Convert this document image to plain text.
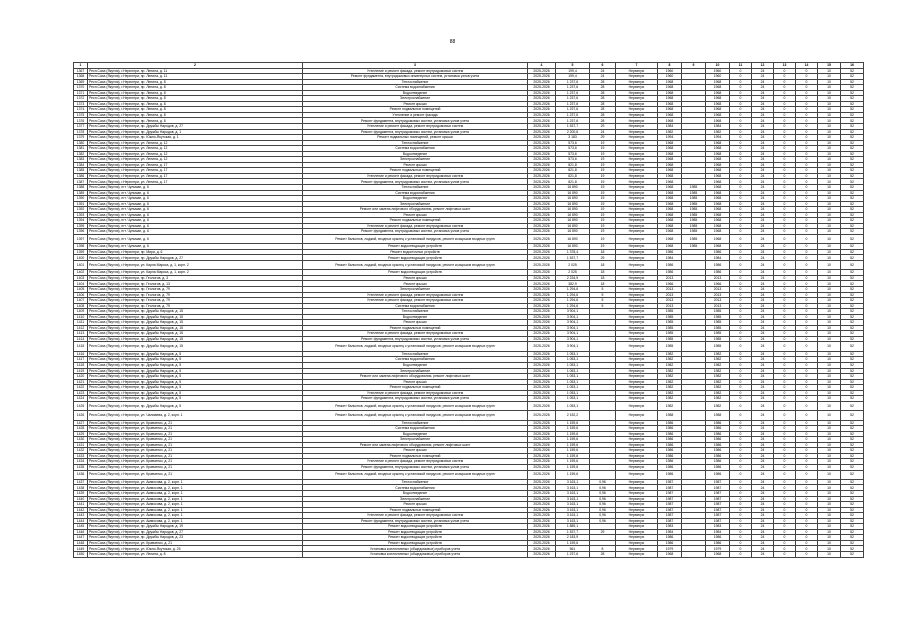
88
1	2	3	4	5	6	7	8	9	10	11	12	13	14	15	16
1367	Респ.Саха (Якутия), г.Нерюнгри, пр. Ленина, д. 11	Утепление и ремонт фасада, ремонт внутридомовых систем	2025-2026	199,4	24	Нерюнгри	1960		1960	0	24	0	0	10	52
1368	Респ.Саха (Якутия), г.Нерюнгри, пр. Ленина, д. 11	Ремонт фундамента, внутридомовых инженерных систем, установка узлов учета	2025-2026	199,4	24	Нерюнгри	1960		1960	0	24	0	0	10	52
1369	Респ.Саха (Якутия), г.Нерюнгри, пр. Ленина, д. 8	Теплоснабжение	2025-2026	1 237,6	28	Нерюнгри	1968		1968	0	24	0	0	10	52
1370	Респ.Саха (Якутия), г.Нерюнгри, пр. Ленина, д. 8	Система водоснабжения	2025-2026	1 237,6	28	Нерюнгри	1968		1968	0	24	0	0	10	52
1371	Респ.Саха (Якутия), г.Нерюнгри, пр. Ленина, д. 8	Водоотведение	2025-2026	1 237,6	28	Нерюнгри	1968		1968	0	24	0	0	10	52
1372	Респ.Саха (Якутия), г.Нерюнгри, пр. Ленина, д. 8	Электроснабжение	2025-2026	1 237,6	28	Нерюнгри	1968		1968	0	24	0	0	10	52
1373	Респ.Саха (Якутия), г.Нерюнгри, пр. Ленина, д. 8	Ремонт крыши	2025-2026	1 237,6	28	Нерюнгри	1968		1968	0	24	0	0	10	52
1374	Респ.Саха (Якутия), г.Нерюнгри, пр. Ленина, д. 8	Ремонт подвальных помещений	2025-2026	1 237,6	28	Нерюнгри	1968		1968	0	24	0	0	10	52
1375	Респ.Саха (Якутия), г.Нерюнгри, пр. Ленина, д. 8	Утепление и ремонт фасада	2025-2026	1 237,6	28	Нерюнгри	1968		1968	0	24	0	0	10	52
1376	Респ.Саха (Якутия), г.Нерюнгри, пр. Ленина, д. 8	Ремонт фундамента, внутридомовых систем, установка узлов учета	2025-2026	1 237,6	28	Нерюнгри	1968		1968	0	24	0	0	10	52
1377	Респ.Саха (Якутия), г.Нерюнгри, пр. Дружбы Народов, д. 27	Утепление и ремонт фасада, ремонт внутридомовых систем	2025-2026	1 537,7	29	Нерюнгри	1984		1984	0	24	0	0	10	52
1378	Респ.Саха (Якутия), г.Нерюнгри, пр. Дружбы Народов, д. 1	Ремонт фундамента, внутридомовых систем, установка узлов учета	2025-2026	2 200,6	24	Нерюнгри	1982		1982	0	24	0	0	10	52
1379	Респ.Саха (Якутия), г.Нерюнгри, пр. Южно-Якутская, д. 1	Ремонт подвальных помещений, ремонт крыши	2025-2026	3 183	29	Нерюнгри	1994		1994	0	24	0	0	10	52
1380	Респ.Саха (Якутия), г.Нерюнгри, ул. Ленина, д. 12	Теплоснабжение	2025-2026	573,6	19	Нерюнгри	1968		1968	0	24	0	0	10	52
1381	Респ.Саха (Якутия), г.Нерюнгри, ул. Ленина, д. 12	Система водоснабжения	2025-2026	573,6	19	Нерюнгри	1968		1968	0	24	0	0	10	52
1382	Респ.Саха (Якутия), г.Нерюнгри, ул. Ленина, д. 12	Водоотведение	2025-2026	573,6	19	Нерюнгри	1968		1968	0	24	0	0	10	52
1383	Респ.Саха (Якутия), г.Нерюнгри, ул. Ленина, д. 12	Электроснабжение	2025-2026	573,6	19	Нерюнгри	1968		1968	0	24	0	0	10	52
1384	Респ.Саха (Якутия), г.Нерюнгри, ул. Ленина, д. 17	Ремонт крыши	2025-2026	821,8	19	Нерюнгри	1968		1968	0	24	0	0	10	52
1385	Респ.Саха (Якутия), г.Нерюнгри, ул. Ленина, д. 17	Ремонт подвальных помещений	2025-2026	821,8	19	Нерюнгри	1968		1968	0	24	0	0	10	52
1386	Респ.Саха (Якутия), г.Нерюнгри, ул. Ленина, д. 17	Утепление и ремонт фасада, ремонт внутридомовых систем	2025-2026	821,8	19	Нерюнгри	1968		1968	0	24	0	0	10	52
1387	Респ.Саха (Якутия), г.Нерюнгри, ул. Ленина, д. 17	Ремонт фундамента, внутридомовых систем, установка узлов учета	2025-2026	821,8	19	Нерюнгри	1968		1968	0	24	0	0	10	52
1388	Респ.Саха (Якутия), пгт. Чульман, д. 6	Теплоснабжение	2025-2026	16 890	19	Нерюнгри	1968	1985	1968	0	24	0	0	10	52
1389	Респ.Саха (Якутия), пгт. Чульман, д. 6	Система водоснабжения	2025-2026	16 890	19	Нерюнгри	1968	1985	1968	0	24	0	0	10	52
1390	Респ.Саха (Якутия), пгт. Чульман, д. 6	Водоотведение	2025-2026	16 890	19	Нерюнгри	1968	1985	1968	0	24	0	0	10	52
1391	Респ.Саха (Якутия), пгт. Чульман, д. 6	Электроснабжение	2025-2026	16 890	19	Нерюнгри	1968	1985	1968	0	24	0	0	10	52
1392	Респ.Саха (Якутия), пгт. Чульман, д. 6	Ремонт или замена лифтового оборудования, ремонт лифтовых шахт	2025-2026	16 890	19	Нерюнгри	1968	1985	1968	0	24	0	0	10	52
1393	Респ.Саха (Якутия), пгт. Чульман, д. 6	Ремонт крыши	2025-2026	16 890	19	Нерюнгри	1968	1985	1968	0	24	0	0	10	52
1394	Респ.Саха (Якутия), пгт. Чульман, д. 6	Ремонт подвальных помещений	2025-2026	16 890	19	Нерюнгри	1968	1985	1968	0	24	0	0	10	52
1395	Респ.Саха (Якутия), пгт. Чульман, д. 6	Утепление и ремонт фасада, ремонт внутридомовых систем	2025-2026	16 890	19	Нерюнгри	1968	1985	1968	0	24	0	0	10	52
1396	Респ.Саха (Якутия), пгт. Чульман, д. 6	Ремонт фундамента, внутридомовых систем, установка узлов учета	2025-2026	16 890	19	Нерюнгри	1968	1985	1968	0	24	0	0	10	52
1397	Респ.Саха (Якутия), пгт. Чульман, д. 6	Ремонт балконов, лоджий, входных крылец с установкой пандусов, ремонт козырьков входных групп	2025-2026	16 890	19	Нерюнгри	1968	1985	1968	0	24	0	0	10	52
1398	Респ.Саха (Якутия), пгт. Чульман, д. 6	Ремонт водоотводящих устройств	2025-2026	16 890	19	Нерюнгри	1968	1985	1968	0	24	0	0	10	52
1399	Респ.Саха (Якутия), г.Нерюнгри, пр. Мира, д. 6	Ремонт водосточных устройств	2025-2026	1 378,4	18	Нерюнгри	1986		1986	0	24	0	0	10	52
1400	Респ.Саха (Якутия), г.Нерюнгри, пр. Дружбы Народов, д. 27	Ремонт водоотводящих устройств	2025-2026	1 537,7	29	Нерюнгри	1984		1984	0	24	0	0	10	52
1401	Респ.Саха (Якутия), г.Нерюнгри, ул. Карла Маркса, д. 1, корп. 2	Ремонт балконов, лоджий, входных крылец с установкой пандусов, ремонт козырьков входных групп	2025-2026	2 025	18	Нерюнгри	1986		1986	0	24	0	0	10	52
1402	Респ.Саха (Якутия), г.Нерюнгри, ул. Карла Маркса, д. 1, корп. 2	Ремонт водоотводящих устройств	2025-2026	2 025	18	Нерюнгри	1986		1986	0	24	0	0	10	52
1403	Респ.Саха (Якутия), г.Нерюнгри, пр. Геологов, д. 3	Ремонт крыши	2025-2026	2 234,9	18	Нерюнгри	2013		2013	0	24	0	0	10	52
1404	Респ.Саха (Якутия), г.Нерюнгри, пр. Геологов, д. 13	Ремонт крыши	2025-2026	382,9	18	Нерюнгри	1966		1966	0	24	0	0	10	52
1405	Респ.Саха (Якутия), г.Нерюнгри, пр. Геологов, д. 79	Электроснабжение	2025-2026	1 294,6	5	Нерюнгри	2013		2013	0	24	0	0	10	52
1406	Респ.Саха (Якутия), г.Нерюнгри, пр. Геологов, д. 79	Утепление и ремонт фасада, ремонт внутридомовых систем	2025-2026	1 294,6	5	Нерюнгри	2013		2013	0	24	0	0	10	52
1407	Респ.Саха (Якутия), г.Нерюнгри, пр. Геологов, д. 79	Утепление и ремонт фасада, ремонт внутридомовых систем	2025-2026	1 294,6	5	Нерюнгри	2013		2013	0	24	0	0	10	52
1408	Респ.Саха (Якутия), г.Нерюнгри, пр. Геологов, д. 79	Система водоснабжения	2025-2026	1 294,6	5	Нерюнгри	2013		2013	0	24	0	0	10	52
1409	Респ.Саха (Якутия), г.Нерюнгри, пр. Дружбы Народов, д. 15	Теплоснабжение	2025-2026	3 904,1		Нерюнгри	1985		1985	0	24	0	0	10	52
1410	Респ.Саха (Якутия), г.Нерюнгри, пр. Дружбы Народов, д. 15	Водоотведение	2025-2026	3 904,1		Нерюнгри	1985		1985	0	24	0	0	10	52
1411	Респ.Саха (Якутия), г.Нерюнгри, пр. Дружбы Народов, д. 15	Ремонт крыши	2025-2026	3 904,1		Нерюнгри	1985		1985	0	24	0	0	10	52
1412	Респ.Саха (Якутия), г.Нерюнгри, пр. Дружбы Народов, д. 15	Ремонт подвальных помещений	2025-2026	3 904,1		Нерюнгри	1985		1985	0	24	0	0	10	52
1413	Респ.Саха (Якутия), г.Нерюнгри, пр. Дружбы Народов, д. 15	Утепление и ремонт фасада, ремонт внутридомовых систем	2025-2026	3 904,1		Нерюнгри	1985		1985	0	24	0	0	10	52
1414	Респ.Саха (Якутия), г.Нерюнгри, пр. Дружбы Народов, д. 15	Ремонт фундамента, внутридомовых систем, установка узлов учета	2025-2026	3 904,1		Нерюнгри	1985		1985	0	24	0	0	10	52
1415	Респ.Саха (Якутия), г.Нерюнгри, пр. Дружбы Народов, д. 15	Ремонт балконов, лоджий, входных крылец с установкой пандусов, ремонт козырьков входных групп	2025-2026	3 904,1		Нерюнгри	1985		1985	0	24	0	0	10	52
1416	Респ.Саха (Якутия), г.Нерюнгри, пр. Дружбы Народов, д. 5	Теплоснабжение	2025-2026	1 053,1		Нерюнгри	1982		1982	0	24	0	0	10	52
1417	Респ.Саха (Якутия), г.Нерюнгри, пр. Дружбы Народов, д. 5	Система водоснабжения	2025-2026	1 053,1		Нерюнгри	1982		1982	0	24	0	0	10	52
1418	Респ.Саха (Якутия), г.Нерюнгри, пр. Дружбы Народов, д. 5	Водоотведение	2025-2026	1 053,1		Нерюнгри	1982		1982	0	24	0	0	10	52
1419	Респ.Саха (Якутия), г.Нерюнгри, пр. Дружбы Народов, д. 5	Электроснабжение	2025-2026	1 053,1		Нерюнгри	1982		1982	0	24	0	0	10	52
1420	Респ.Саха (Якутия), г.Нерюнгри, пр. Дружбы Народов, д. 5	Ремонт или замена лифтового оборудования, ремонт лифтовых шахт	2025-2026	1 053,1		Нерюнгри	1982		1982	0	24	0	0	10	52
1421	Респ.Саха (Якутия), г.Нерюнгри, пр. Дружбы Народов, д. 5	Ремонт крыши	2025-2026	1 053,1		Нерюнгри	1982		1982	0	24	0	0	10	52
1422	Респ.Саха (Якутия), г.Нерюнгри, пр. Дружбы Народов, д. 5	Ремонт подвальных помещений	2025-2026	1 053,1		Нерюнгри	1982		1982	0	24	0	0	10	52
1423	Респ.Саха (Якутия), г.Нерюнгри, пр. Дружбы Народов, д. 5	Утепление и ремонт фасада, ремонт внутридомовых систем	2025-2026	1 053,1		Нерюнгри	1982		1982	0	24	0	0	10	52
1424	Респ.Саха (Якутия), г.Нерюнгри, пр. Дружбы Народов, д. 5	Ремонт фундамента, внутридомовых систем, установка узлов учета	2025-2026	1 053,1		Нерюнгри	1982		1982	0	24	0	0	10	52
1425	Респ.Саха (Якутия), г.Нерюнгри, пр. Дружбы Народов, д. 5	Ремонт балконов, лоджий, входных крылец с установкой пандусов, ремонт козырьков входных групп	2025-2026	1 053,1		Нерюнгри	1982		1982	0	24	0	0	10	52
1426	Респ.Саха (Якутия), г.Нерюнгри, ул. Чалмаева, д. 2, корп. 1	Ремонт балконов, лоджий, входных крылец с установкой пандусов, ремонт козырьков входных групп	2025-2026	2 152,2		Нерюнгри	1988		1988	0	24	0	0	10	52
1427	Респ.Саха (Якутия), г.Нерюнгри, ул. Кравченко, д. 21	Теплоснабжение	2025-2026	1 159,6		Нерюнгри	1986		1986	0	24	0	0	10	52
1428	Респ.Саха (Якутия), г.Нерюнгри, ул. Кравченко, д. 21	Система водоснабжения	2025-2026	1 159,6		Нерюнгри	1986		1986	0	24	0	0	10	52
1429	Респ.Саха (Якутия), г.Нерюнгри, ул. Кравченко, д. 21	Водоотведение	2025-2026	1 159,6		Нерюнгри	1986		1986	0	24	0	0	10	52
1430	Респ.Саха (Якутия), г.Нерюнгри, ул. Кравченко, д. 21	Электроснабжение	2025-2026	1 159,6		Нерюнгри	1986		1986	0	24	0	0	10	52
1431	Респ.Саха (Якутия), г.Нерюнгри, ул. Кравченко, д. 21	Ремонт или замена лифтового оборудования, ремонт лифтовых шахт	2025-2026	1 159,6		Нерюнгри	1986		1986	0	24	0	0	10	52
1432	Респ.Саха (Якутия), г.Нерюнгри, ул. Кравченко, д. 21	Ремонт крыши	2025-2026	1 159,6		Нерюнгри	1986		1986	0	24	0	0	10	52
1433	Респ.Саха (Якутия), г.Нерюнгри, ул. Кравченко, д. 21	Ремонт подвальных помещений	2025-2026	1 159,6		Нерюнгри	1986		1986	0	24	0	0	10	52
1434	Респ.Саха (Якутия), г.Нерюнгри, ул. Кравченко, д. 21	Утепление и ремонт фасада, ремонт внутридомовых систем	2025-2026	1 159,6		Нерюнгри	1986		1986	0	24	0	0	10	52
1435	Респ.Саха (Якутия), г.Нерюнгри, ул. Кравченко, д. 21	Ремонт фундамента, внутридомовых систем, установка узлов учета	2025-2026	1 159,6		Нерюнгри	1986		1986	0	24	0	0	10	52
1436	Респ.Саха (Якутия), г.Нерюнгри, ул. Кравченко, д. 21	Ремонт балконов, лоджий, входных крылец с установкой пандусов, ремонт козырьков входных групп	2025-2026	1 159,6		Нерюнгри	1986		1986	0	24	0	0	10	52
1437	Респ.Саха (Якутия), г.Нерюнгри, ул. Аммосова, д. 2, корп. 1	Теплоснабжение	2025-2026	3 163,1	0,96	Нерюнгри	1987		1987	0	24	0	0	10	52
1438	Респ.Саха (Якутия), г.Нерюнгри, ул. Аммосова, д. 2, корп. 1	Система водоснабжения	2025-2026	3 163,1	0,96	Нерюнгри	1987		1987	0	24	0	0	10	52
1439	Респ.Саха (Якутия), г.Нерюнгри, ул. Аммосова, д. 2, корп. 1	Водоотведение	2025-2026	3 163,1	0,96	Нерюнгри	1987		1987	0	24	0	0	10	52
1440	Респ.Саха (Якутия), г.Нерюнгри, ул. Аммосова, д. 2, корп. 1	Электроснабжение	2025-2026	3 163,1	0,96	Нерюнгри	1987		1987	0	24	0	0	10	52
1441	Респ.Саха (Якутия), г.Нерюнгри, ул. Аммосова, д. 2, корп. 1	Ремонт крыши	2025-2026	3 163,1	0,96	Нерюнгри	1987		1987	0	24	0	0	10	52
1442	Респ.Саха (Якутия), г.Нерюнгри, ул. Аммосова, д. 2, корп. 1	Ремонт подвальных помещений	2025-2026	3 163,1	0,96	Нерюнгри	1987		1987	0	24	0	0	10	52
1443	Респ.Саха (Якутия), г.Нерюнгри, ул. Аммосова, д. 2, корп. 1	Утепление и ремонт фасада, ремонт внутридомовых систем	2025-2026	3 163,1	0,96	Нерюнгри	1987		1987	0	24	0	0	10	52
1444	Респ.Саха (Якутия), г.Нерюнгри, ул. Аммосова, д. 2, корп. 1	Ремонт фундамента, внутридомовых систем, установка узлов учета	2025-2026	3 163,1	0,96	Нерюнгри	1987		1987	0	24	0	0	10	52
1445	Респ.Саха (Якутия), г.Нерюнгри, пр. Дружбы Народов, д. 19	Ремонт водоотводящих устройств	2025-2026	1 889,1		Нерюнгри	1983		1983	0	24	0	0	10	52
1446	Респ.Саха (Якутия), г.Нерюнгри, пр. Дружбы Народов, д. 27	Ремонт водоотводящих устройств	2025-2026	1 537,7	29	Нерюнгри	1984		1984	0	24	0	0	10	52
1447	Респ.Саха (Якутия), г.Нерюнгри, пр. Дружбы Народов, д. 23	Ремонт водоотводящих устройств	2025-2026	2 183,9		Нерюнгри	1986		1986	0	24	0	0	10	52
1448	Респ.Саха (Якутия), г.Нерюнгри, ул. Кравченко, д. 21	Ремонт водоотводящих устройств	2025-2026	1 159,6		Нерюнгри	1986		1986	0	24	0	0	10	52
1449	Респ.Саха (Якутия), г.Нерюнгри, ул. Южно-Якутская, д. 25	Установка коллективных (общедомовых) приборов учета	2025-2026	561	8	Нерюнгри	1979		1979	0	24	0	0	10	52
1450	Респ.Саха (Якутия), г.Нерюнгри, ул. Ленина, д. 8	Установка коллективных (общедомовых) приборов учета	2025-2026	1 237,6	28	Нерюнгри	1968		1968	0	24	0	0	10	52
